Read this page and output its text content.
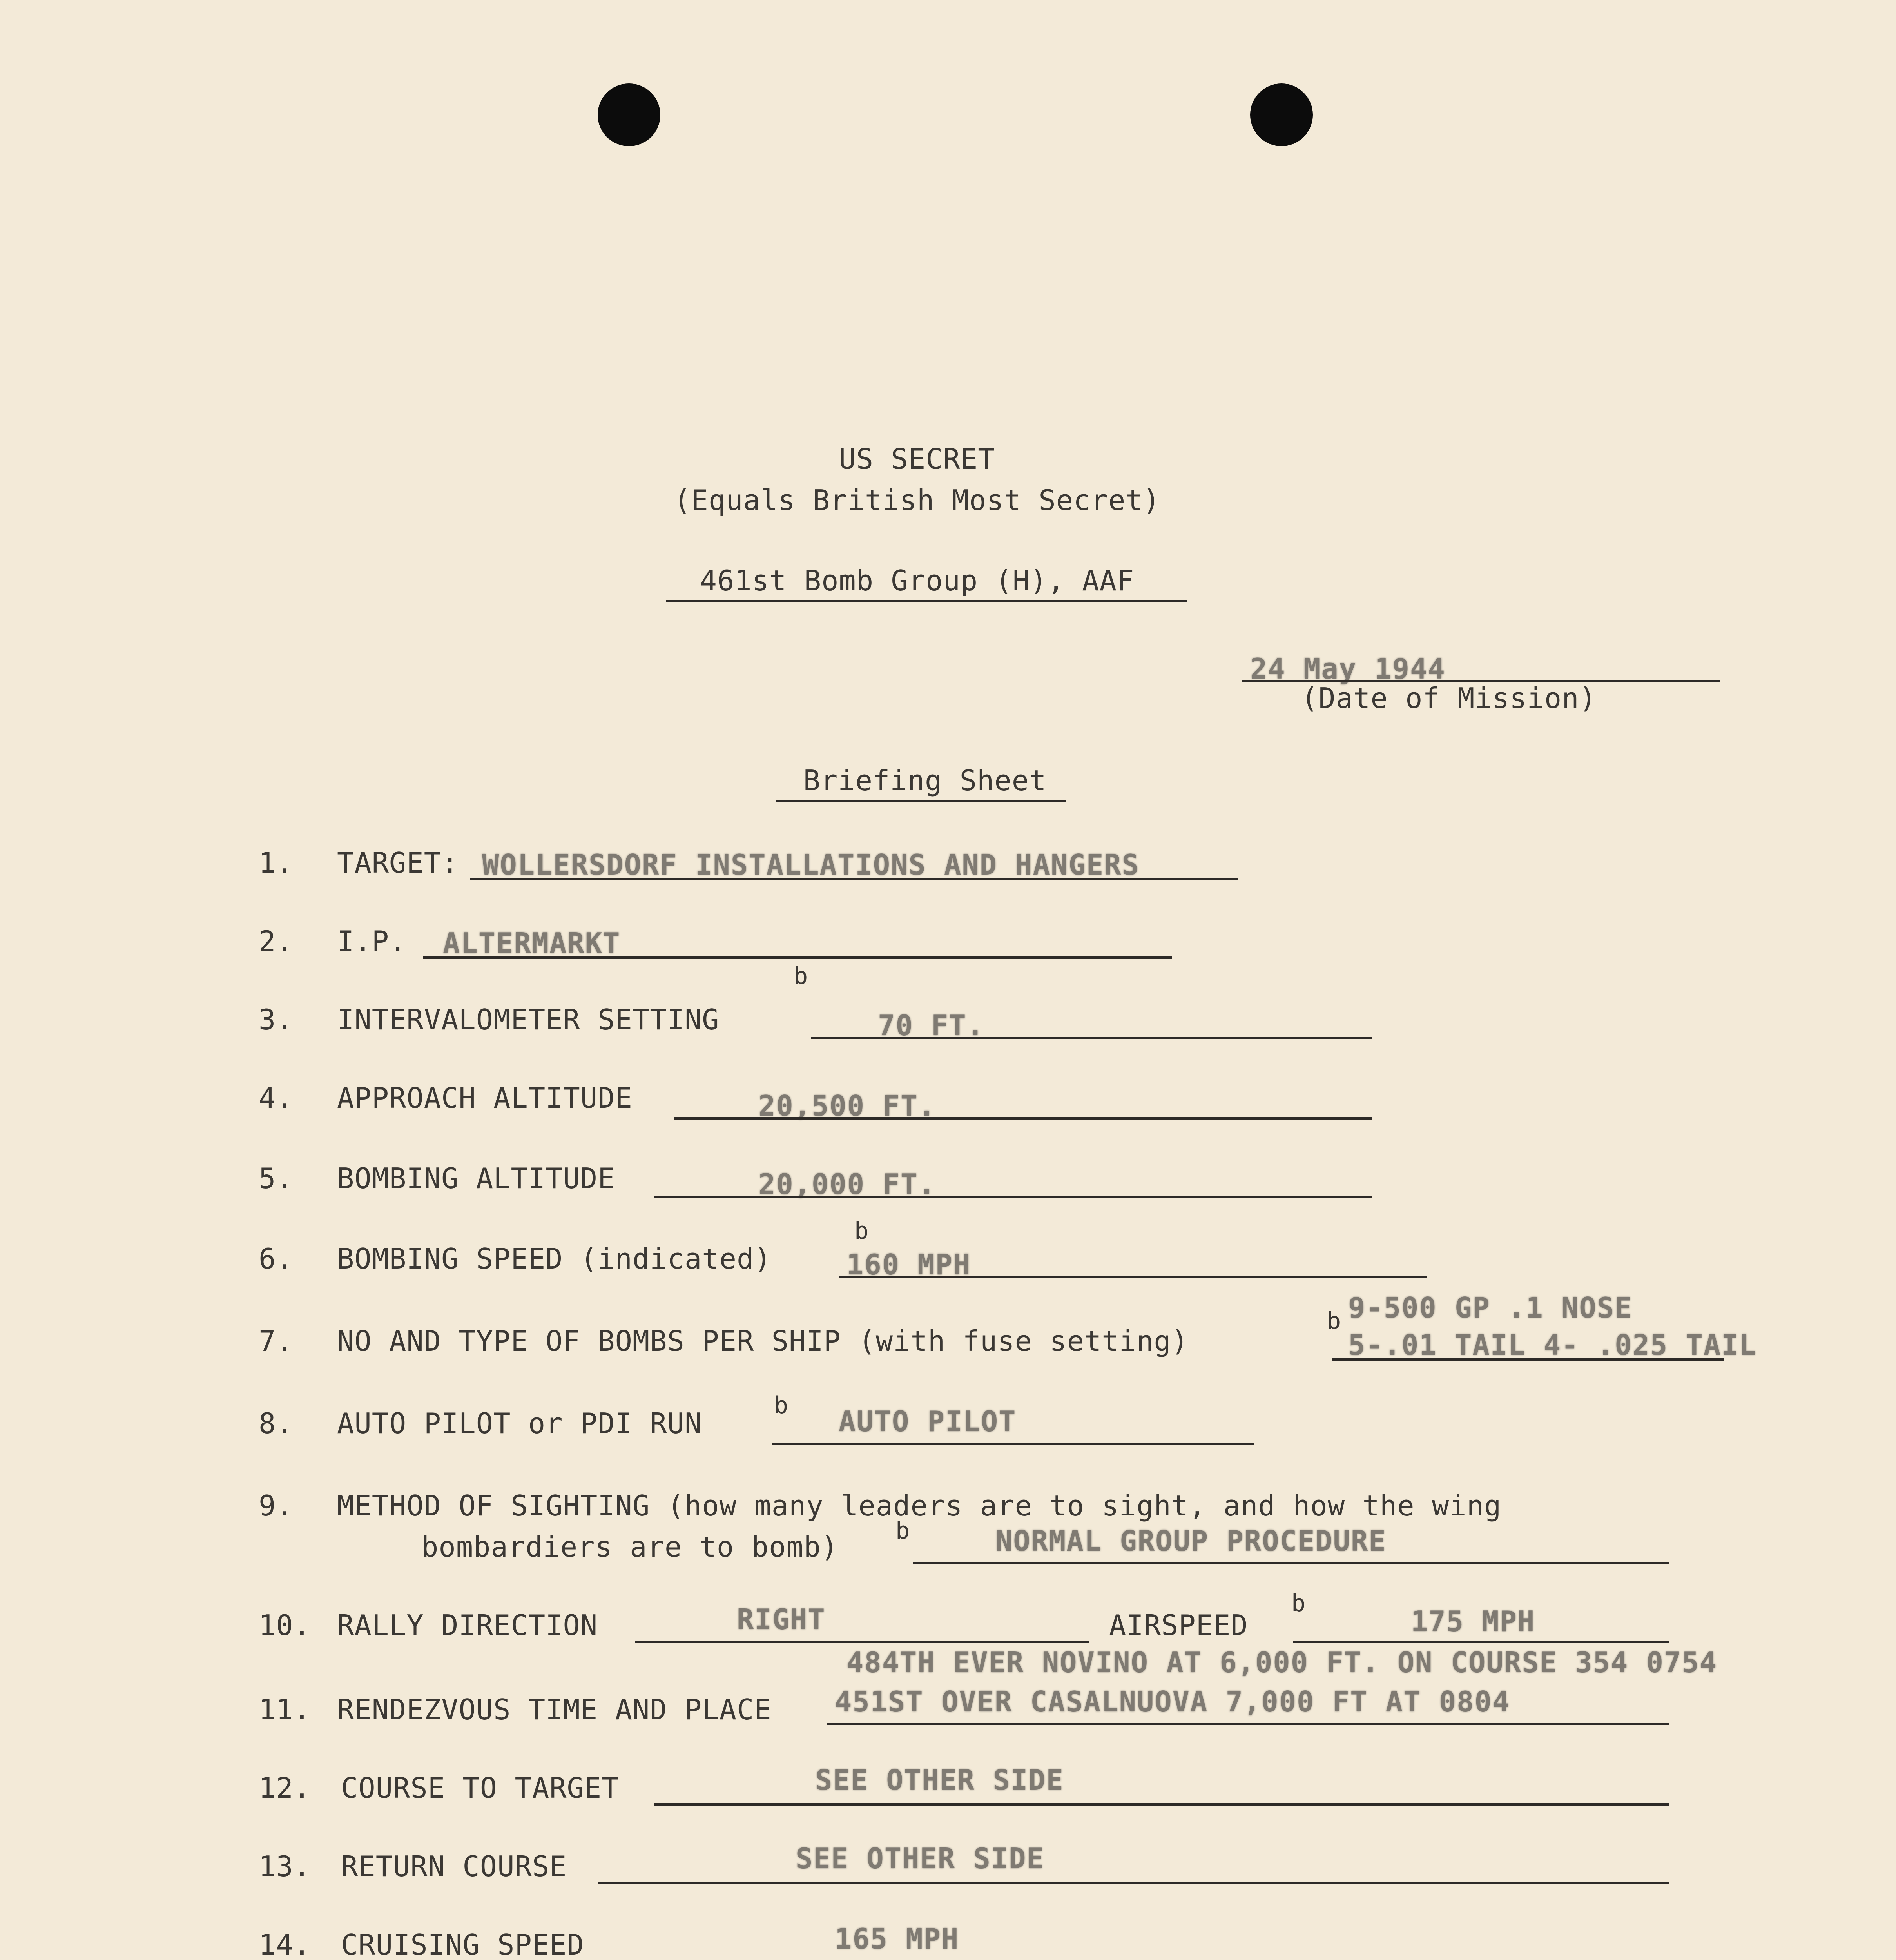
US SECRET
(Equals British Most Secret)
461st Bomb Group (H), AAF
24 May 1944
(Date of Mission)
Briefing Sheet
1. TARGET: WOLLERSDORF INSTALLATIONS AND HANGERS
2. I.P. ALTERMARKT
b
3. INTERVALOMETER SETTING	70 FT.
4. APPROACH ALTITUDE	20,500 FT.
5. BOMBING ALTITUDE	20,000 FT.
b
6. BOMBING SPEED (indicated)	160 MPH
7. NO AND TYPE OF BOMBS PER SHIP (with fuse setting)
b 9-500 GP .1 NOSE
5-.01 TAIL 4- .025 TAIL
b
8. AUTO PILOT or PDI RUN	AUTO PILOT
9. METHOD OF SIGHTING (how many leaders are to sight, and how the wing
bombardiers are to bomb) b	NORMAL GROUP PROCEDURE
10. RALLY DIRECTION	RIGHT	AIRSPEED
b
175 MPH
11. RENDEZVOUS TIME AND PLACE
484TH EVER NOVINO AT 6,000 FT. ON COURSE 354 0754
451ST OVER CASALNUOVA 7,000 FT AT 0804
12. COURSE TO TARGET	SEE OTHER SIDE
13. RETURN COURSE	SEE OTHER SIDE
14. CRUISING SPEED	165 MPH
